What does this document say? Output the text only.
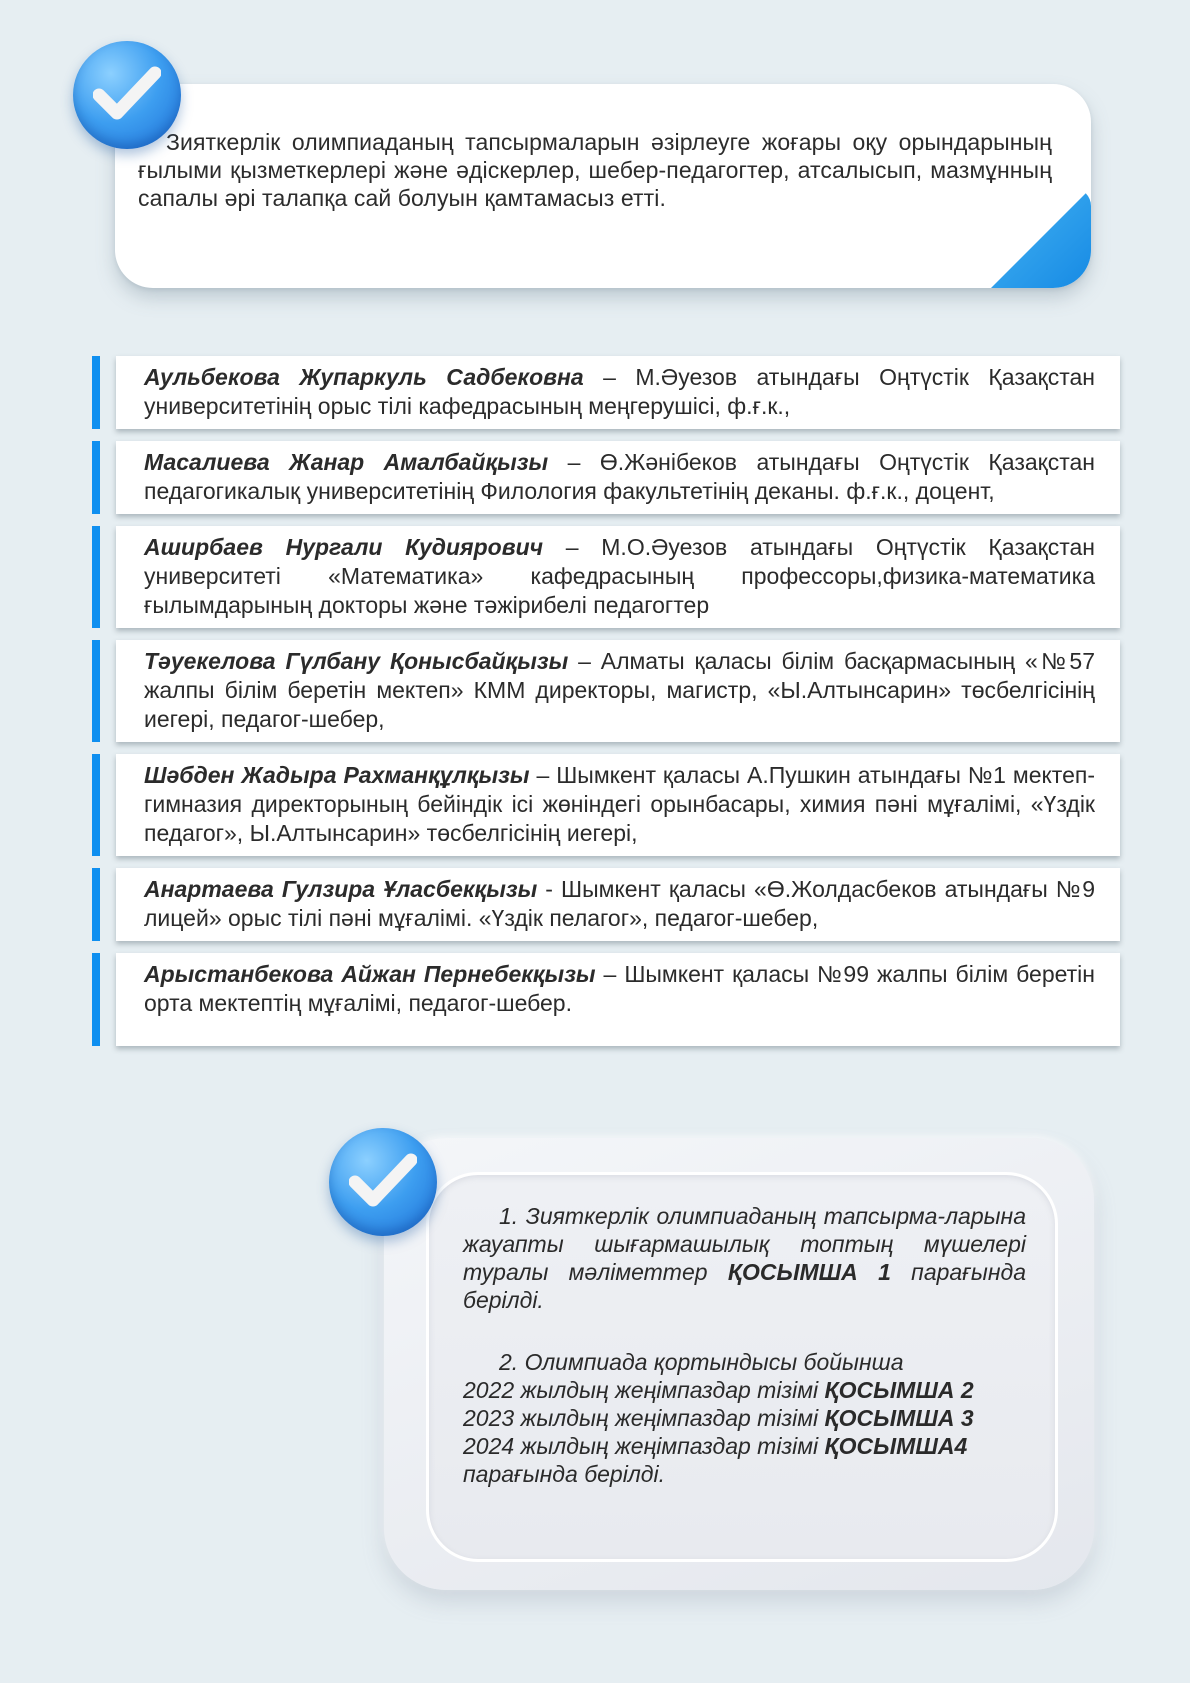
Зияткерлік олимпиаданың тапсырмаларын әзірлеуге жоғары оқу орындарының ғылыми қызметкерлері және әдіскерлер, шебер-педагогтер, атсалысып, мазмұнның сапалы әрі талапқа сай болуын қамтамасыз етті.
Аульбекова Жупаркуль Садбековна – М.Әуезов атындағы Оңтүстік Қазақстан университетінің орыс тілі кафедрасының меңгерушісі, ф.ғ.к.,
Масалиева Жанар Амалбайқызы – Ө.Жәнібеков атындағы Оңтүстік Қазақстан педагогикалық университетінің Филология факультетінің деканы. ф.ғ.к., доцент,
Аширбаев Нургали Кудиярович – М.О.Әуезов атындағы Оңтүстік Қазақстан университеті «Математика» кафедрасының профессоры,физика-математика ғылымдарының докторы және тәжірибелі педагогтер
Тәуекелова Гүлбану Қонысбайқызы – Алматы қаласы білім басқармасының «№57 жалпы білім беретін мектеп» КММ директоры, магистр, «Ы.Алтынсарин» төсбелгісінің иегері, педагог-шебер,
Шәбден Жадыра Рахманқұлқызы – Шымкент қаласы А.Пушкин атындағы №1 мектеп-гимназия директорының бейіндік ісі жөніндегі орынбасары, химия пәні мұғалімі, «Үздік педагог», Ы.Алтынсарин» төсбелгісінің иегері,
Анартаева Гулзира Ұласбекқызы - Шымкент қаласы «Ө.Жолдасбеков атындағы №9 лицей» орыс тілі пәні мұғалімі. «Үздік пелагог», педагог-шебер,
Арыстанбекова Айжан Пернебекқызы – Шымкент қаласы №99 жалпы білім беретін орта мектептің мұғалімі, педагог-шебер.

1. Зияткерлік олимпиаданың тапсырма-ларына жауапты шығармашылық топтың мүшелері туралы мәліметтер ҚОСЫМША 1 парағында берілді.

2. Олимпиада қортындысы бойынша

2022 жылдың жеңімпаздар тізімі ҚОСЫМША 2

2023 жылдың жеңімпаздар тізімі ҚОСЫМША 3

2024 жылдың жеңімпаздар тізімі ҚОСЫМША4

парағында берілді.
